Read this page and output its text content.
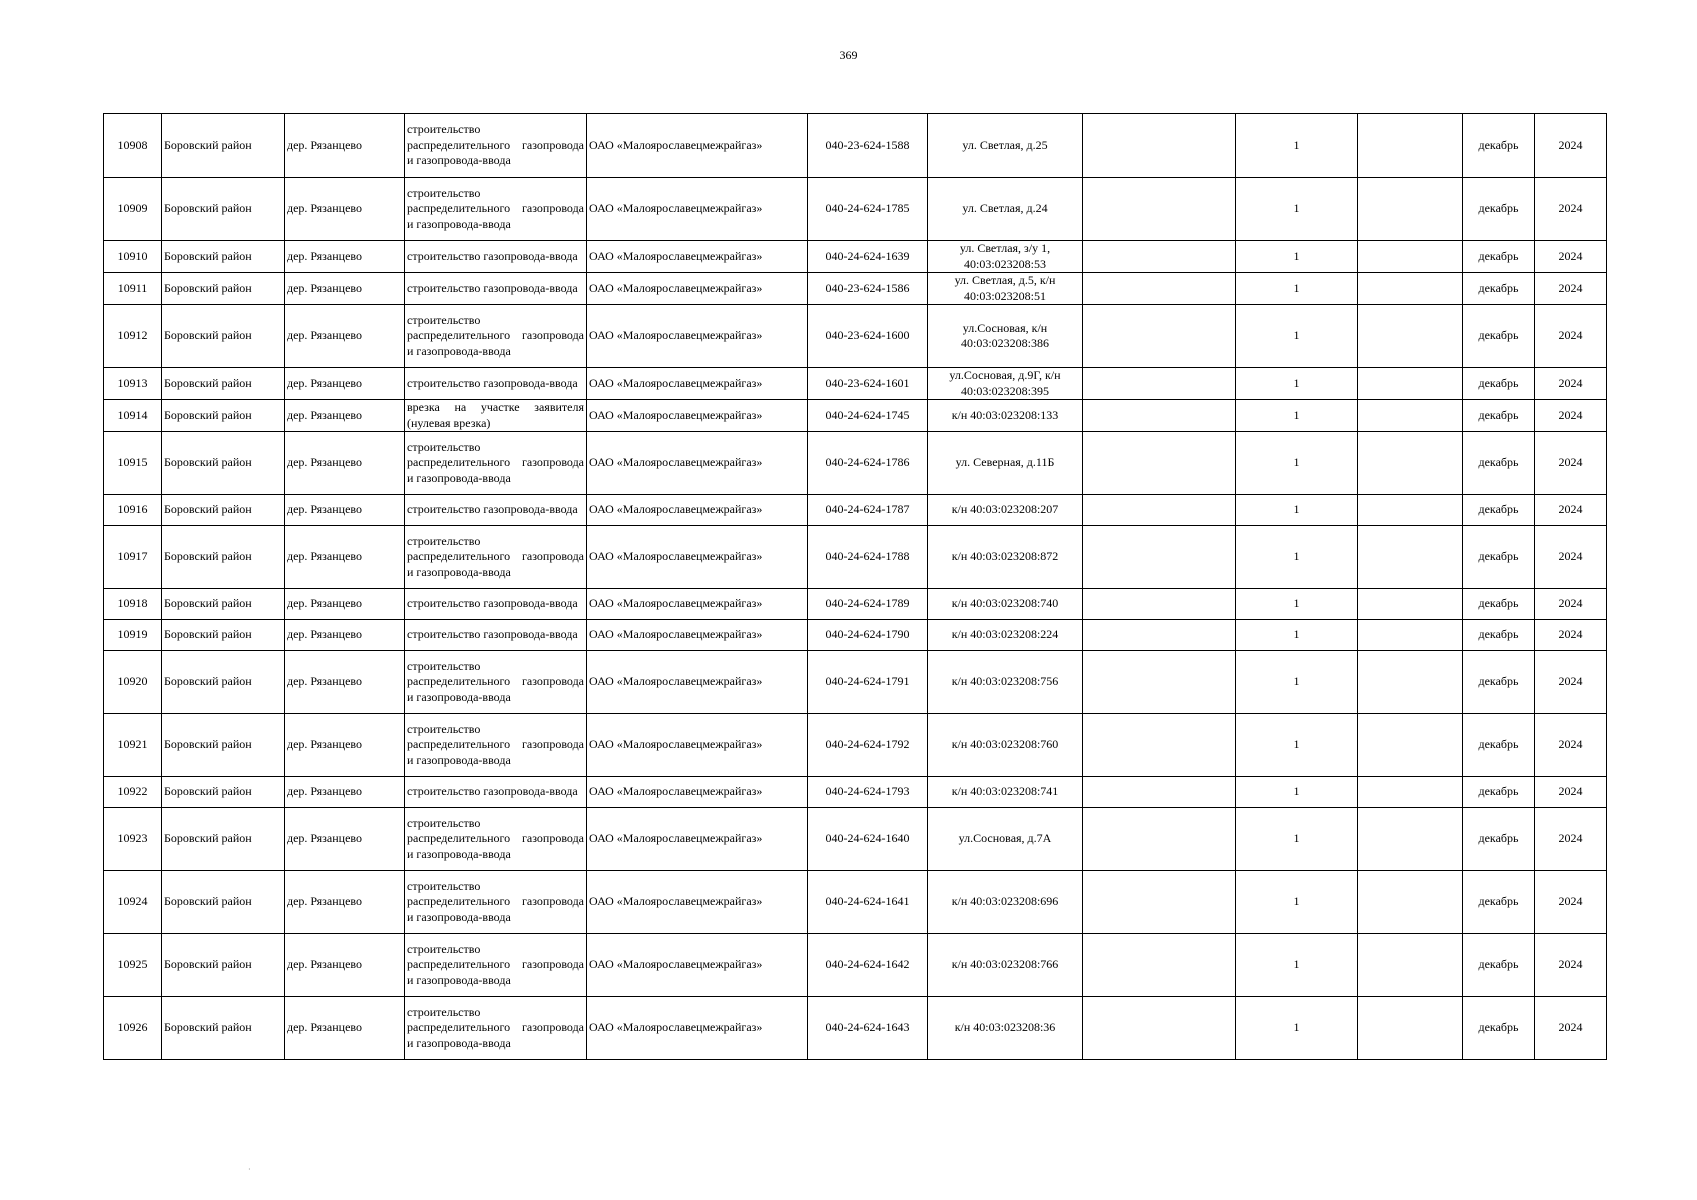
369
10908	Боровский район	дер. Рязанцево	строительство распределительного газопровода и газопровода-ввода	ОАО «Малоярославецмежрайгаз»	040-23-624-1588	ул. Светлая, д.25		1		декабрь	2024
10909	Боровский район	дер. Рязанцево	строительство распределительного газопровода и газопровода-ввода	ОАО «Малоярославецмежрайгаз»	040-24-624-1785	ул. Светлая, д.24		1		декабрь	2024
10910	Боровский район	дер. Рязанцево	строительство газопровода-ввода	ОАО «Малоярославецмежрайгаз»	040-24-624-1639	ул. Светлая, з/у 1, 40:03:023208:53		1		декабрь	2024
10911	Боровский район	дер. Рязанцево	строительство газопровода-ввода	ОАО «Малоярославецмежрайгаз»	040-23-624-1586	ул. Светлая, д.5, к/н 40:03:023208:51		1		декабрь	2024
10912	Боровский район	дер. Рязанцево	строительство распределительного газопровода и газопровода-ввода	ОАО «Малоярославецмежрайгаз»	040-23-624-1600	ул.Сосновая, к/н 40:03:023208:386		1		декабрь	2024
10913	Боровский район	дер. Рязанцево	строительство газопровода-ввода	ОАО «Малоярославецмежрайгаз»	040-23-624-1601	ул.Сосновая, д.9Г, к/н 40:03:023208:395		1		декабрь	2024
10914	Боровский район	дер. Рязанцево	врезка на участке заявителя (нулевая врезка)	ОАО «Малоярославецмежрайгаз»	040-24-624-1745	к/н 40:03:023208:133		1		декабрь	2024
10915	Боровский район	дер. Рязанцево	строительство распределительного газопровода и газопровода-ввода	ОАО «Малоярославецмежрайгаз»	040-24-624-1786	ул. Северная, д.11Б		1		декабрь	2024
10916	Боровский район	дер. Рязанцево	строительство газопровода-ввода	ОАО «Малоярославецмежрайгаз»	040-24-624-1787	к/н 40:03:023208:207		1		декабрь	2024
10917	Боровский район	дер. Рязанцево	строительство распределительного газопровода и газопровода-ввода	ОАО «Малоярославецмежрайгаз»	040-24-624-1788	к/н 40:03:023208:872		1		декабрь	2024
10918	Боровский район	дер. Рязанцево	строительство газопровода-ввода	ОАО «Малоярославецмежрайгаз»	040-24-624-1789	к/н 40:03:023208:740		1		декабрь	2024
10919	Боровский район	дер. Рязанцево	строительство газопровода-ввода	ОАО «Малоярославецмежрайгаз»	040-24-624-1790	к/н 40:03:023208:224		1		декабрь	2024
10920	Боровский район	дер. Рязанцево	строительство распределительного газопровода и газопровода-ввода	ОАО «Малоярославецмежрайгаз»	040-24-624-1791	к/н 40:03:023208:756		1		декабрь	2024
10921	Боровский район	дер. Рязанцево	строительство распределительного газопровода и газопровода-ввода	ОАО «Малоярославецмежрайгаз»	040-24-624-1792	к/н 40:03:023208:760		1		декабрь	2024
10922	Боровский район	дер. Рязанцево	строительство газопровода-ввода	ОАО «Малоярославецмежрайгаз»	040-24-624-1793	к/н 40:03:023208:741		1		декабрь	2024
10923	Боровский район	дер. Рязанцево	строительство распределительного газопровода и газопровода-ввода	ОАО «Малоярославецмежрайгаз»	040-24-624-1640	ул.Сосновая, д.7А		1		декабрь	2024
10924	Боровский район	дер. Рязанцево	строительство распределительного газопровода и газопровода-ввода	ОАО «Малоярославецмежрайгаз»	040-24-624-1641	к/н 40:03:023208:696		1		декабрь	2024
10925	Боровский район	дер. Рязанцево	строительство распределительного газопровода и газопровода-ввода	ОАО «Малоярославецмежрайгаз»	040-24-624-1642	к/н 40:03:023208:766		1		декабрь	2024
10926	Боровский район	дер. Рязанцево	строительство распределительного газопровода и газопровода-ввода	ОАО «Малоярославецмежрайгаз»	040-24-624-1643	к/н 40:03:023208:36		1		декабрь	2024
·
